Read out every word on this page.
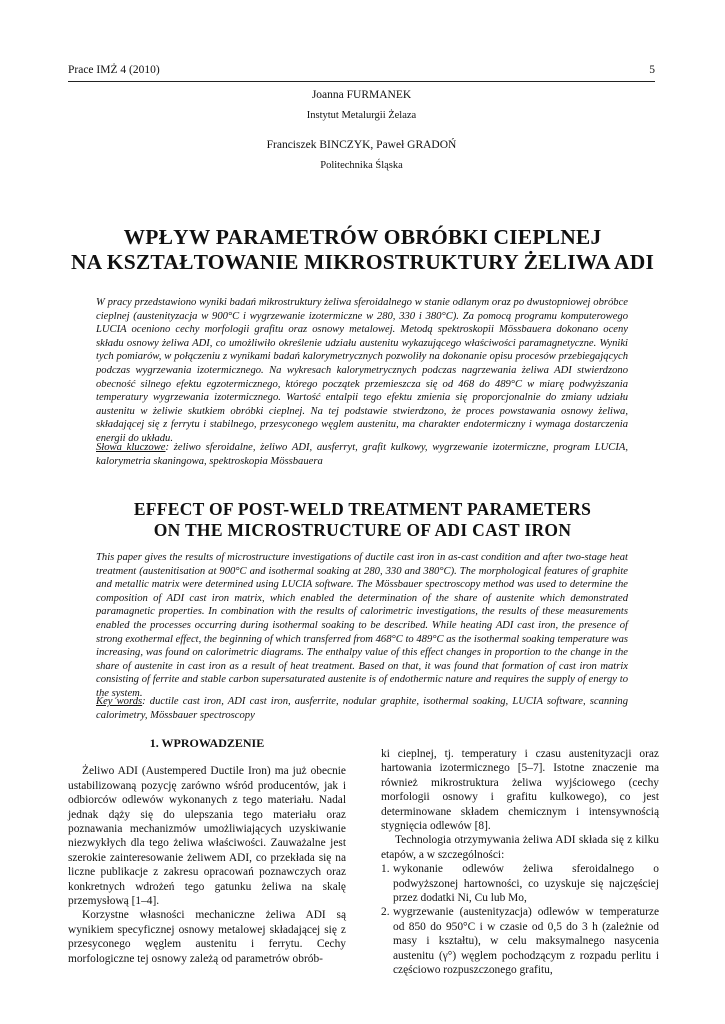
Prace IMŻ 4 (2010)	5
Joanna FURMANEK
Instytut Metalurgii Żelaza
Franciszek BINCZYK, Paweł GRADOŃ
Politechnika Śląska
WPŁYW PARAMETRÓW OBRÓBKI CIEPLNEJ
NA KSZTAŁTOWANIE MIKROSTRUKTURY ŻELIWA ADI

W pracy przedstawiono wyniki badań mikrostruktury żeliwa sferoidalnego w stanie odlanym oraz po dwustopniowej obróbce cieplnej (austenityzacja w 900°C i wygrzewanie izotermiczne w 280, 330 i 380°C). Za pomocą programu komputerowego LUCIA oceniono cechy morfologii grafitu oraz osnowy metalowej. Metodą spektroskopii Mössbauera dokonano oceny składu osnowy żeliwa ADI, co umożliwiło określenie udziału austenitu wykazującego właściwości paramagnetyczne. Wyniki tych pomiarów, w połączeniu z wynikami badań kalorymetrycznych pozwoliły na dokonanie opisu procesów przebiegających podczas wygrzewania izotermicznego. Na wykresach kalorymetrycznych podczas nagrzewania żeliwa ADI stwierdzono obecność silnego efektu egzotermicznego, którego początek przemieszcza się od 468 do 489°C w miarę podwyższania temperatury wygrzewania izotermicznego. Wartość entalpii tego efektu zmienia się proporcjonalnie do zmiany udziału austenitu w żeliwie skutkiem obróbki cieplnej. Na tej podstawie stwierdzono, że proces powstawania osnowy żeliwa, składającej się z ferrytu i stabilnego, przesyconego węglem austenitu, ma charakter endotermiczny i wymaga dostarczenia energii do układu.

Słowa kluczowe: żeliwo sferoidalne, żeliwo ADI, ausferryt, grafit kulkowy, wygrzewanie izotermiczne, program LUCIA, kalorymetria skaningowa, spektroskopia Mössbauera
EFFECT OF POST-WELD TREATMENT PARAMETERS
ON THE MICROSTRUCTURE OF ADI CAST IRON

This paper gives the results of microstructure investigations of ductile cast iron in as-cast condition and after two-stage heat treatment (austenitisation at 900°C and isothermal soaking at 280, 330 and 380°C). The morphological features of graphite and metallic matrix were determined using LUCIA software. The Mössbauer spectroscopy method was used to determine the composition of ADI cast iron matrix, which enabled the determination of the share of austenite which demonstrated paramagnetic properties. In combination with the results of calorimetric investigations, the results of these measurements enabled the processes occurring during isothermal soaking to be described. While heating ADI cast iron, the presence of strong exothermal effect, the beginning of which transferred from 468°C to 489°C as the isothermal soaking temperature was increasing, was found on calorimetric diagrams. The enthalpy value of this effect changes in proportion to the change in the share of austenite in cast iron as a result of heat treatment. Based on that, it was found that formation of cast iron matrix consisting of ferrite and stable carbon supersaturated austenite is of endothermic nature and requires the supply of energy to the system.

Key words: ductile cast iron, ADI cast iron, ausferrite, nodular graphite, isothermal soaking, LUCIA software, scanning calorimetry, Mössbauer spectroscopy
1. WPROWADZENIE

Żeliwo ADI (Austempered Ductile Iron) ma już obecnie ustabilizowaną pozycję zarówno wśród producentów, jak i odbiorców odlewów wykonanych z tego materiału. Nadal jednak dąży się do ulepszania tego materiału oraz poznawania mechanizmów umożliwiających uzyskiwanie niezwykłych dla tego żeliwa właściwości. Zauważalne jest szerokie zainteresowanie żeliwem ADI, co przekłada się na liczne publikacje z zakresu opracowań poznawczych oraz konkretnych wdrożeń tego gatunku żeliwa na skalę przemysłową [1–4].

Korzystne własności mechaniczne żeliwa ADI są wynikiem specyficznej osnowy metalowej składającej się z przesyconego węglem austenitu i ferrytu. Cechy morfologiczne tej osnowy zależą od parametrów obrób-

ki cieplnej, tj. temperatury i czasu austenityzacji oraz hartowania izotermicznego [5–7]. Istotne znaczenie ma również mikrostruktura żeliwa wyjściowego (cechy morfologii osnowy i grafitu kulkowego), co jest determinowane składem chemicznym i intensywnością stygnięcia odlewów [8].

Technologia otrzymywania żeliwa ADI składa się z kilku etapów, a w szczególności:

1. wykonanie odlewów żeliwa sferoidalnego o podwyższonej hartowności, co uzyskuje się najczęściej przez dodatki Ni, Cu lub Mo,
2. wygrzewanie (austenityzacja) odlewów w temperaturze od 850 do 950°C i w czasie od 0,5 do 3 h (zależnie od masy i kształtu), w celu maksymalnego nasycenia austenitu (γ°) węglem pochodzącym z rozpadu perlitu i częściowo rozpuszczonego grafitu,
